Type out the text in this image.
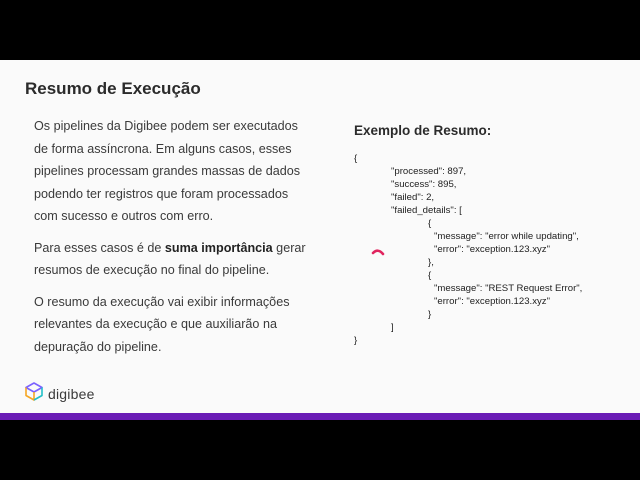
Resumo de Execução

Os pipelines da Digibee podem ser executados de forma assíncrona. Em alguns casos, esses pipelines processam grandes massas de dados podendo ter registros que foram processados com sucesso e outros com erro.

Para esses casos é de suma importância gerar resumos de execução no final do pipeline.

O resumo da execução vai exibir informações relevantes da execução e que auxiliarão na depuração do pipeline.

Exemplo de Resumo:
{
"processed": 897,
"success": 895,
"failed": 2,
"failed_details": [
{
"message": "error while updating",
"error": "exception.123.xyz"
},
{
"message": "REST Request Error",
"error": "exception.123.xyz"
}
]
}
digibee
